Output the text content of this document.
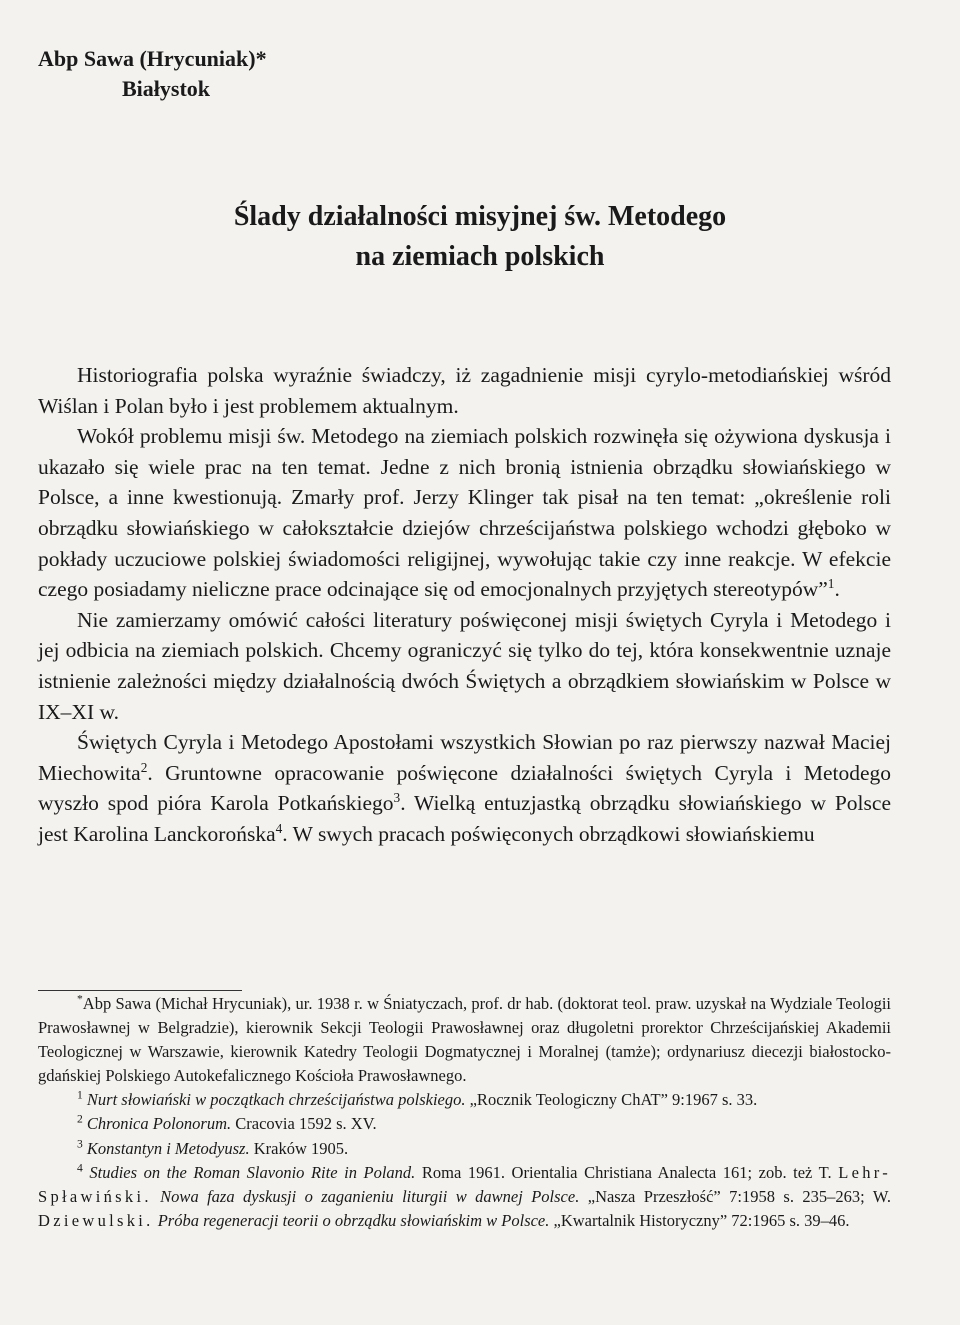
Abp Sawa (Hrycuniak)*
Białystok
Ślady działalności misyjnej św. Metodego
na ziemiach polskich

Historiografia polska wyraźnie świadczy, iż zagadnienie misji cyrylo-metodiańskiej wśród Wiślan i Polan było i jest problemem aktualnym.

Wokół problemu misji św. Metodego na ziemiach polskich rozwinęła się ożywiona dyskusja i ukazało się wiele prac na ten temat. Jedne z nich bronią istnienia obrządku słowiańskiego w Polsce, a inne kwestionują. Zmarły prof. Jerzy Klinger tak pisał na ten temat: „określenie roli obrządku słowiańskiego w całokształcie dziejów chrześcijaństwa polskiego wchodzi głęboko w pokłady uczuciowe polskiej świadomości religijnej, wywołując takie czy inne reakcje. W efekcie czego posiadamy nieliczne prace odcinające się od emocjonalnych przyjętych stereotypów”$^1$.

Nie zamierzamy omówić całości literatury poświęconej misji świętych Cyryla i Metodego i jej odbicia na ziemiach polskich. Chcemy ograniczyć się tylko do tej, która konsekwentnie uznaje istnienie zależności między działalnością dwóch Świętych a obrządkiem słowiańskim w Polsce w IX–XI w.

Świętych Cyryla i Metodego Apostołami wszystkich Słowian po raz pierwszy nazwał Maciej Miechowita$^2$. Gruntowne opracowanie poświęcone działalności świętych Cyryla i Metodego wyszło spod pióra Karola Potkańskiego$^3$. Wielką entuzjastką obrządku słowiańskiego w Polsce jest Karolina Lanckorońska$^4$. W swych pracach poświęconych obrządkowi słowiańskiemu

*Abp Sawa (Michał Hrycuniak), ur. 1938 r. w Śniatyczach, prof. dr hab. (doktorat teol. praw. uzyskał na Wydziale Teologii Prawosławnej w Belgradzie), kierownik Sekcji Teologii Prawosławnej oraz długoletni prorektor Chrześcijańskiej Akademii Teologicznej w Warszawie, kierownik Katedry Teologii Dogmatycznej i Moralnej (tamże); ordynariusz diecezji białostocko-gdańskiej Polskiego Autokefalicznego Kościoła Prawosławnego.

$^1$ Nurt słowiański w początkach chrześcijaństwa polskiego. „Rocznik Teologiczny ChAT” 9:1967 s. 33.

$^2$ Chronica Polonorum. Cracovia 1592 s. XV.

$^3$ Konstantyn i Metodyusz. Kraków 1905.

$^4$ Studies on the Roman Slavonio Rite in Poland. Roma 1961. Orientalia Christiana Analecta 161; zob. też T. Lehr-Spławiński. Nowa faza dyskusji o zaganieniu liturgii w dawnej Polsce. „Nasza Przeszłość” 7:1958 s. 235–263; W. Dziewulski. Próba regeneracji teorii o obrządku słowiańskim w Polsce. „Kwartalnik Historyczny” 72:1965 s. 39–46.
